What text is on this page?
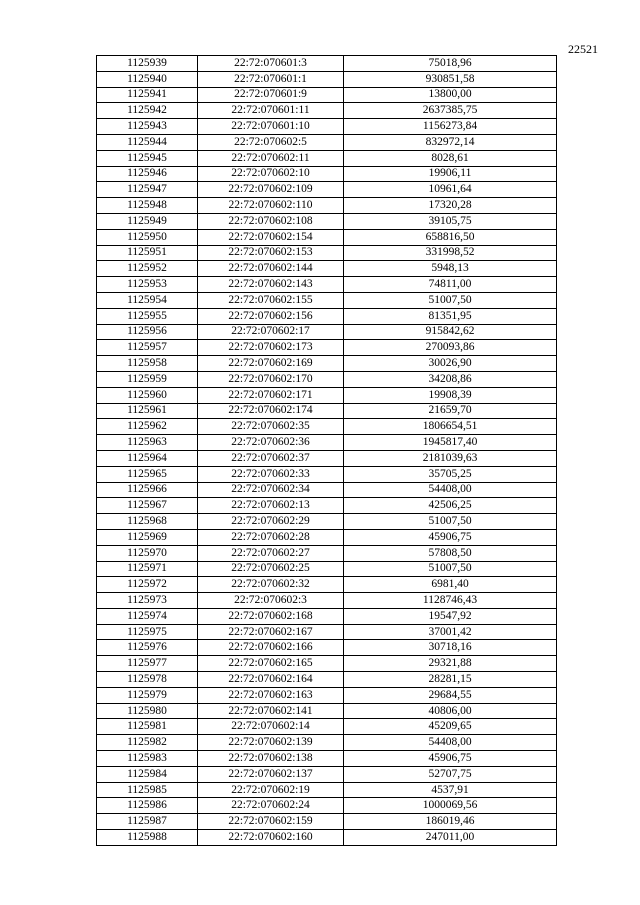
22521
1125939	22:72:070601:3	75018,96
1125940	22:72:070601:1	930851,58
1125941	22:72:070601:9	13800,00
1125942	22:72:070601:11	2637385,75
1125943	22:72:070601:10	1156273,84
1125944	22:72:070602:5	832972,14
1125945	22:72:070602:11	8028,61
1125946	22:72:070602:10	19906,11
1125947	22:72:070602:109	10961,64
1125948	22:72:070602:110	17320,28
1125949	22:72:070602:108	39105,75
1125950	22:72:070602:154	658816,50
1125951	22:72:070602:153	331998,52
1125952	22:72:070602:144	5948,13
1125953	22:72:070602:143	74811,00
1125954	22:72:070602:155	51007,50
1125955	22:72:070602:156	81351,95
1125956	22:72:070602:17	915842,62
1125957	22:72:070602:173	270093,86
1125958	22:72:070602:169	30026,90
1125959	22:72:070602:170	34208,86
1125960	22:72:070602:171	19908,39
1125961	22:72:070602:174	21659,70
1125962	22:72:070602:35	1806654,51
1125963	22:72:070602:36	1945817,40
1125964	22:72:070602:37	2181039,63
1125965	22:72:070602:33	35705,25
1125966	22:72:070602:34	54408,00
1125967	22:72:070602:13	42506,25
1125968	22:72:070602:29	51007,50
1125969	22:72:070602:28	45906,75
1125970	22:72:070602:27	57808,50
1125971	22:72:070602:25	51007,50
1125972	22:72:070602:32	6981,40
1125973	22:72:070602:3	1128746,43
1125974	22:72:070602:168	19547,92
1125975	22:72:070602:167	37001,42
1125976	22:72:070602:166	30718,16
1125977	22:72:070602:165	29321,88
1125978	22:72:070602:164	28281,15
1125979	22:72:070602:163	29684,55
1125980	22:72:070602:141	40806,00
1125981	22:72:070602:14	45209,65
1125982	22:72:070602:139	54408,00
1125983	22:72:070602:138	45906,75
1125984	22:72:070602:137	52707,75
1125985	22:72:070602:19	4537,91
1125986	22:72:070602:24	1000069,56
1125987	22:72:070602:159	186019,46
1125988	22:72:070602:160	247011,00
